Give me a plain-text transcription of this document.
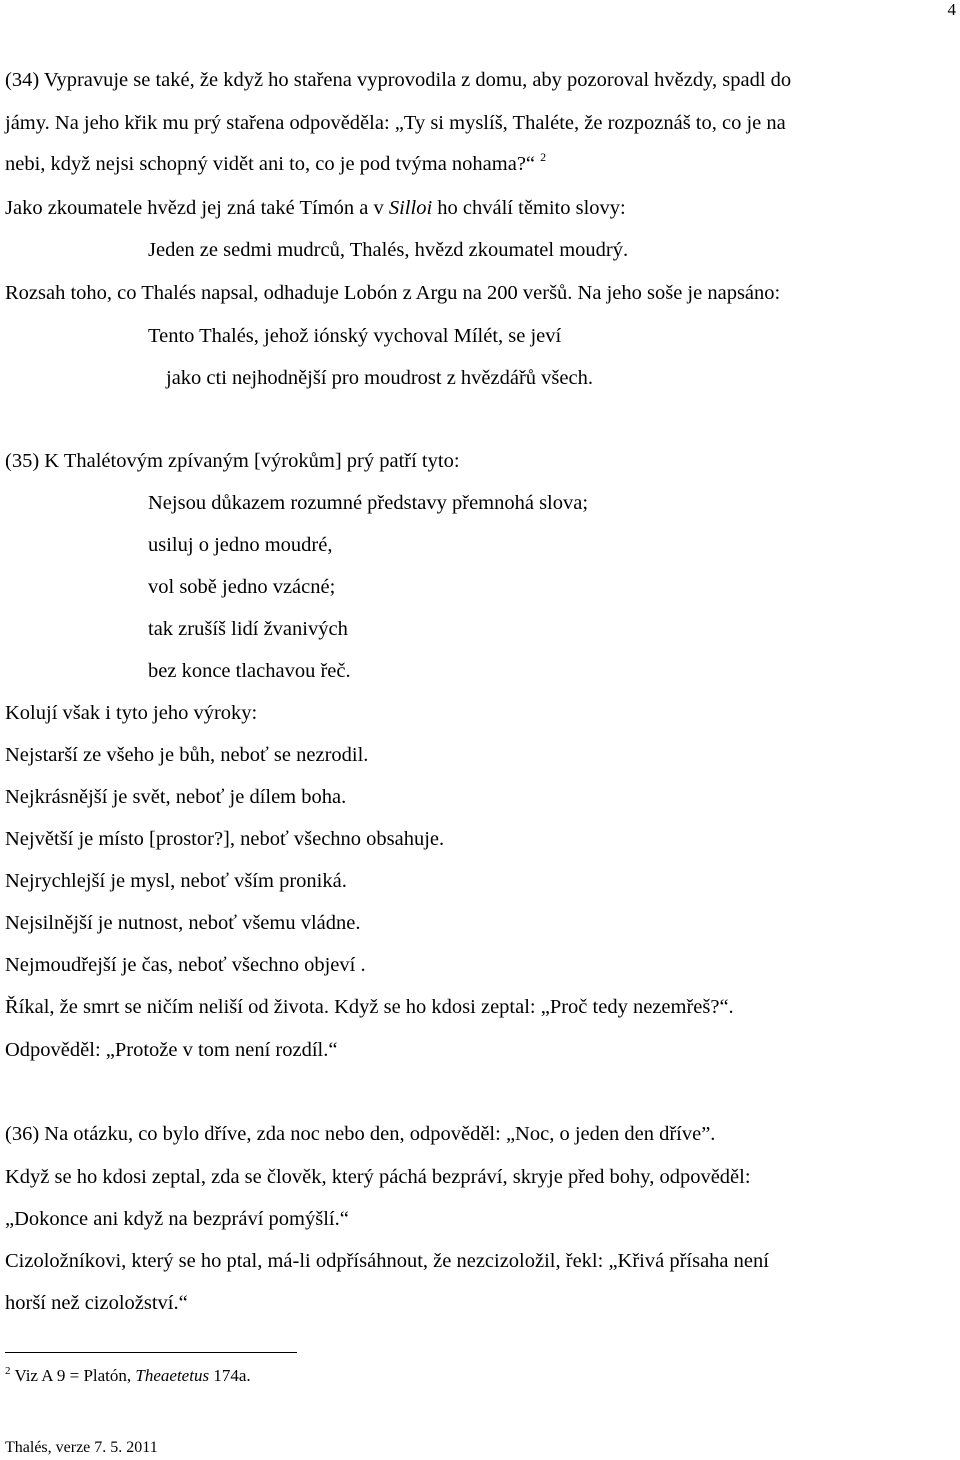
4
(34) Vypravuje se také, že když ho stařena vyprovodila z domu, aby pozoroval hvězdy, spadl do
jámy. Na jeho křik mu prý stařena odpověděla: „Ty si myslíš, Thaléte, že rozpoznáš to, co je na
nebi, když nejsi schopný vidět ani to, co je pod tvýma nohama?“ $^2$
Jako zkoumatele hvězd jej zná také Tímón a v Silloi ho chválí těmito slovy:
Jeden ze sedmi mudrců, Thalés, hvězd zkoumatel moudrý.
Rozsah toho, co Thalés napsal, odhaduje Lobón z Argu na 200 veršů. Na jeho soše je napsáno:
Tento Thalés, jehož iónský vychoval Mílét, se jeví
jako cti nejhodnější pro moudrost z hvězdářů všech.
(35) K Thalétovým zpívaným [výrokům] prý patří tyto:
Nejsou důkazem rozumné představy přemnohá slova;
usiluj o jedno moudré,
vol sobě jedno vzácné;
tak zrušíš lidí žvanivých
bez konce tlachavou řeč.
Kolují však i tyto jeho výroky:
Nejstarší ze všeho je bůh, neboť se nezrodil.
Nejkrásnější je svět, neboť je dílem boha.
Největší je místo [prostor?], neboť všechno obsahuje.
Nejrychlejší je mysl, neboť vším proniká.
Nejsilnější je nutnost, neboť všemu vládne.
Nejmoudřejší je čas, neboť všechno objeví .
Říkal, že smrt se ničím neliší od života. Když se ho kdosi zeptal: „Proč tedy nezemřeš?“.
Odpověděl: „Protože v tom není rozdíl.“
(36) Na otázku, co bylo dříve, zda noc nebo den, odpověděl: „Noc, o jeden den dříve”.
Když se ho kdosi zeptal, zda se člověk, který páchá bezpráví, skryje před bohy, odpověděl:
„Dokonce ani když na bezpráví pomýšlí.“
Cizoložníkovi, který se ho ptal, má-li odpřísáhnout, že nezcizoložil, řekl: „Křivá přísaha není
horší než cizoložství.“
$^2$ Viz A 9 = Platón, Theaetetus 174a.
Thalés, verze 7. 5. 2011
